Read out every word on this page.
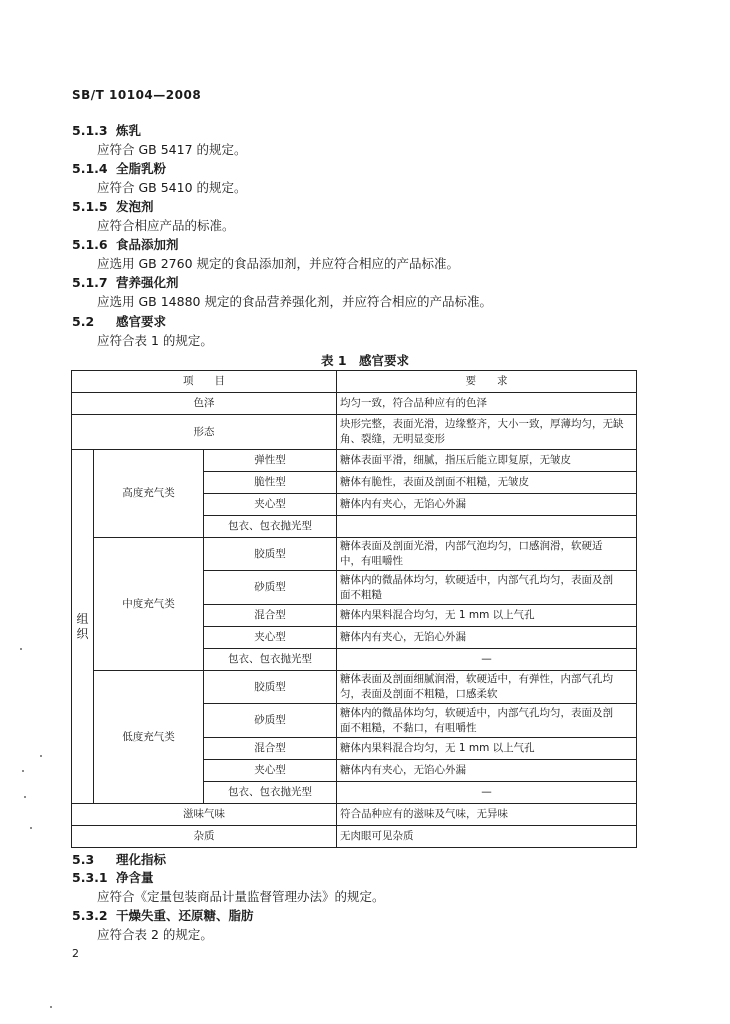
SB/T 10104—2008
5.1.3 炼乳
应符合 GB 5417 的规定。
5.1.4 全脂乳粉
应符合 GB 5410 的规定。
5.1.5 发泡剂
应符合相应产品的标准。
5.1.6 食品添加剂
应选用 GB 2760 规定的食品添加剂，并应符合相应的产品标准。
5.1.7 营养强化剂
应选用 GB 14880 规定的食品营养强化剂，并应符合相应的产品标准。
5.2 感官要求
应符合表 1 的规定。
表 1　感官要求
项　　目			要　　求
色泽			均匀一致，符合品种应有的色泽
形态			块形完整，表面光滑，边缘整齐，大小一致，厚薄均匀，无缺
角、裂缝，无明显变形
组
织	高度充气类	弹性型	糖体表面平滑，细腻，指压后能立即复原，无皱皮
		脆性型	糖体有脆性，表面及剖面不粗糙，无皱皮
		夹心型	糖体内有夹心，无馅心外漏
		包衣、包衣抛光型	
	中度充气类	胶质型	糖体表面及剖面光滑，内部气泡均匀，口感润滑，软硬适
中，有咀嚼性
		砂质型	糖体内的微晶体均匀，软硬适中，内部气孔均匀，表面及剖
面不粗糙
		混合型	糖体内果料混合均匀，无 1 mm 以上气孔
		夹心型	糖体内有夹心，无馅心外漏
		包衣、包衣抛光型	—
	低度充气类	胶质型	糖体表面及剖面细腻润滑，软硬适中，有弹性，内部气孔均
匀，表面及剖面不粗糙，口感柔软
		砂质型	糖体内的微晶体均匀，软硬适中，内部气孔均匀，表面及剖
面不粗糙，不黏口，有咀嚼性
		混合型	糖体内果料混合均匀，无 1 mm 以上气孔
		夹心型	糖体内有夹心，无馅心外漏
		包衣、包衣抛光型	—
滋味气味			符合品种应有的滋味及气味，无异味
杂质			无肉眼可见杂质
5.3 理化指标
5.3.1 净含量
应符合《定量包装商品计量监督管理办法》的规定。
5.3.2 干燥失重、还原糖、脂肪
应符合表 2 的规定。
2
